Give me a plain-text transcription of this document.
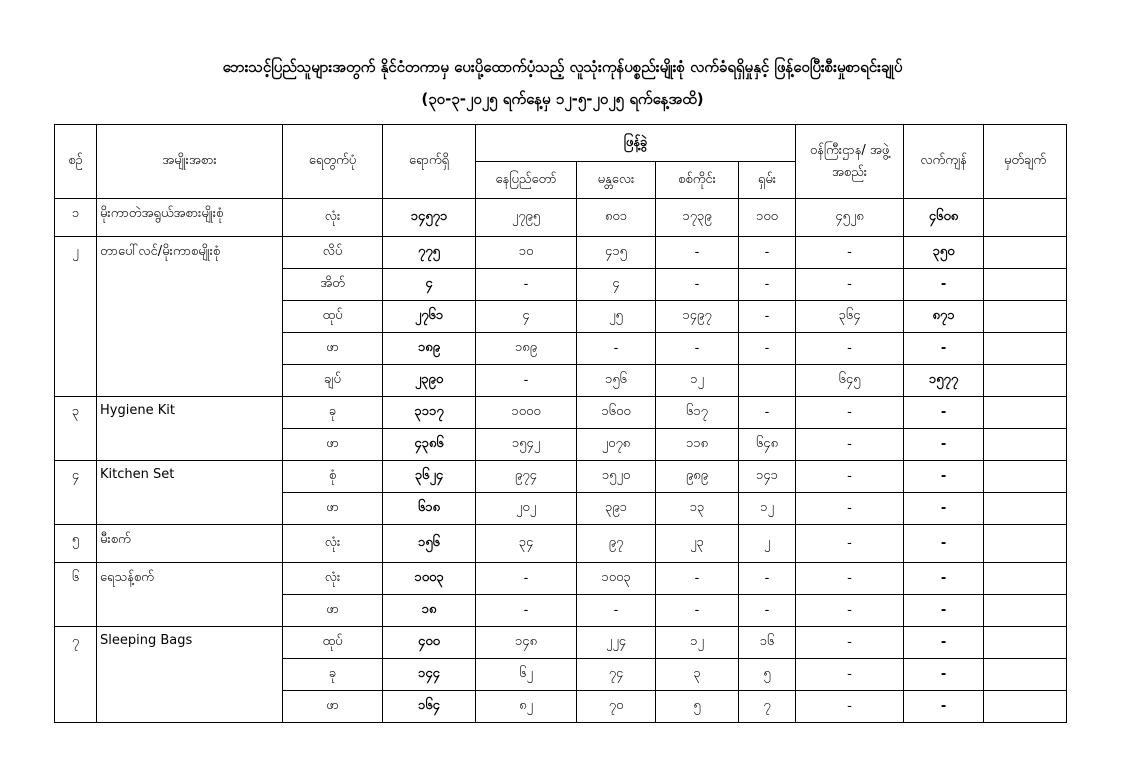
ဘေးသင့်ပြည်သူများအတွက် နိုင်ငံတကာမှ ပေးပို့ထောက်ပံ့သည့် လူသုံးကုန်ပစ္စည်းမျိုးစုံ လက်ခံရရှိမှုနှင့် ဖြန့်ဝေပြီးစီးမှုစာရင်းချုပ်
(၃၀-၃-၂၀၂၅ ရက်နေ့မှ ၁၂-၅-၂၀၂၅ ရက်နေ့အထိ)
စဉ်	အမျိုးအစား	ရေတွက်ပုံ	ရောက်ရှိ	ဖြန့်ခွဲ				ဝန်ကြီးဌာန/ အဖွဲ့အစည်း	လက်ကျန်	မှတ်ချက်
				နေပြည်တော်	မန္တလေး	စစ်ကိုင်း	ရှမ်း			
၁	မိုးကာတဲအရွယ်အစားမျိုးစုံ	လုံး	၁၄၅၇၁	၂၇၉၅	၈၀၁	၁၇၃၉	၁၀၀	၄၅၂၈	၄၆၀၈	
၂	တာပေါ်လင်/မိုးကာစမျိုးစုံ	လိပ်	၇၇၅	၁၀	၄၁၅	-	-	-	၃၅၀	
		အိတ်	၄	-	၄	-	-	-	-	
		ထုပ်	၂၇၆၁	၄	၂၅	၁၄၉၇	-	၃၆၄	၈၇၁	
		ဖာ	၁၈၉	၁၈၉	-	-	-	-	-	
		ချပ်	၂၃၉၀	-	၁၅၆	၁၂		၆၄၅	၁၅၇၇	
၃	Hygiene Kit	ခု	၃၁၁၇	၁၀၀၀	၁၆၀၀	၆၁၇	-	-	-	
		ဖာ	၄၃၈၆	၁၅၄၂	၂၀၇၈	၁၁၈	၆၄၈	-	-	
၄	Kitchen Set	စုံ	၃၆၂၄	၉၇၄	၁၅၂၀	၉၈၉	၁၄၁	-	-	
		ဖာ	၆၁၈	၂၀၂	၃၉၁	၁၃	၁၂	-	-	
၅	မီးစက်	လုံး	၁၅၆	၃၄	၉၇	၂၃	၂	-	-	
၆	ရေသန့်စက်	လုံး	၁၀၀၃	-	၁၀၀၃	-	-	-	-	
		ဖာ	၁၈	-	-	-	-	-	-	
၇	Sleeping Bags	ထုပ်	၄၀၀	၁၄၈	၂၂၄	၁၂	၁၆	-	-	
		ခု	၁၄၄	၆၂	၇၄	၃	၅	-	-	
		ဖာ	၁၆၄	၈၂	၇၀	၅	၇	-	-	
